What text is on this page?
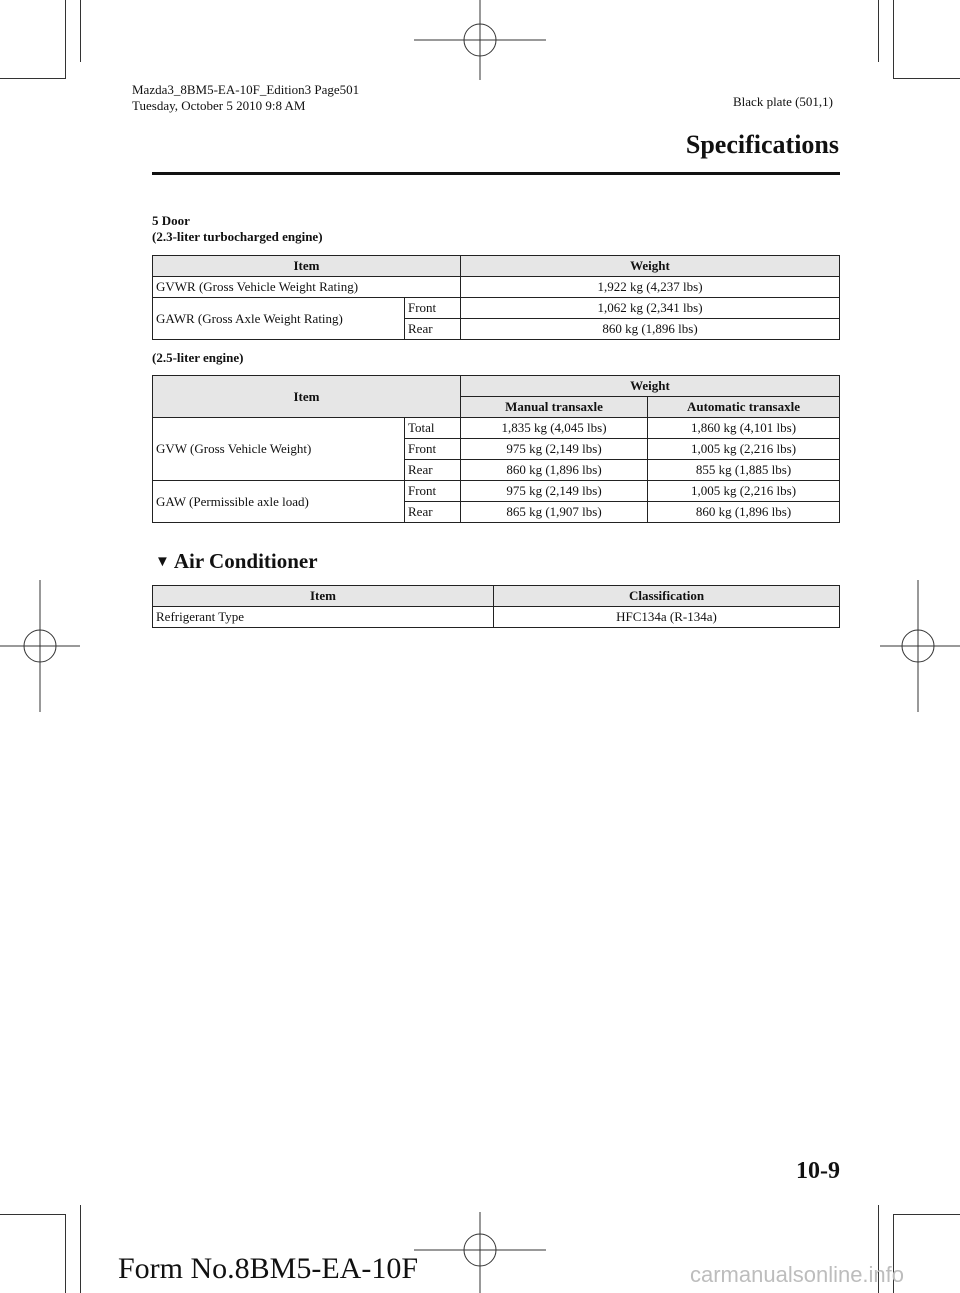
Mazda3_8BM5-EA-10F_Edition3 Page501
Tuesday, October 5 2010 9:8 AM	Black plate (501,1)
Specifications
5 Door
(2.3-liter turbocharged engine)
Item		Weight
GVWR (Gross Vehicle Weight Rating)		1,922 kg (4,237 lbs)
GAWR (Gross Axle Weight Rating)	Front	1,062 kg (2,341 lbs)
	Rear	860 kg (1,896 lbs)
(2.5-liter engine)
Item		Weight	
		Manual transaxle	Automatic transaxle
GVW (Gross Vehicle Weight)	Total	1,835 kg (4,045 lbs)	1,860 kg (4,101 lbs)
	Front	975 kg (2,149 lbs)	1,005 kg (2,216 lbs)
	Rear	860 kg (1,896 lbs)	855 kg (1,885 lbs)
GAW (Permissible axle load)	Front	975 kg (2,149 lbs)	1,005 kg (2,216 lbs)
	Rear	865 kg (1,907 lbs)	860 kg (1,896 lbs)
▼ Air Conditioner
Item	Classification
Refrigerant Type	HFC134a (R-134a)
10-9
Form No.8BM5-EA-10F	carmanualsonline.info
